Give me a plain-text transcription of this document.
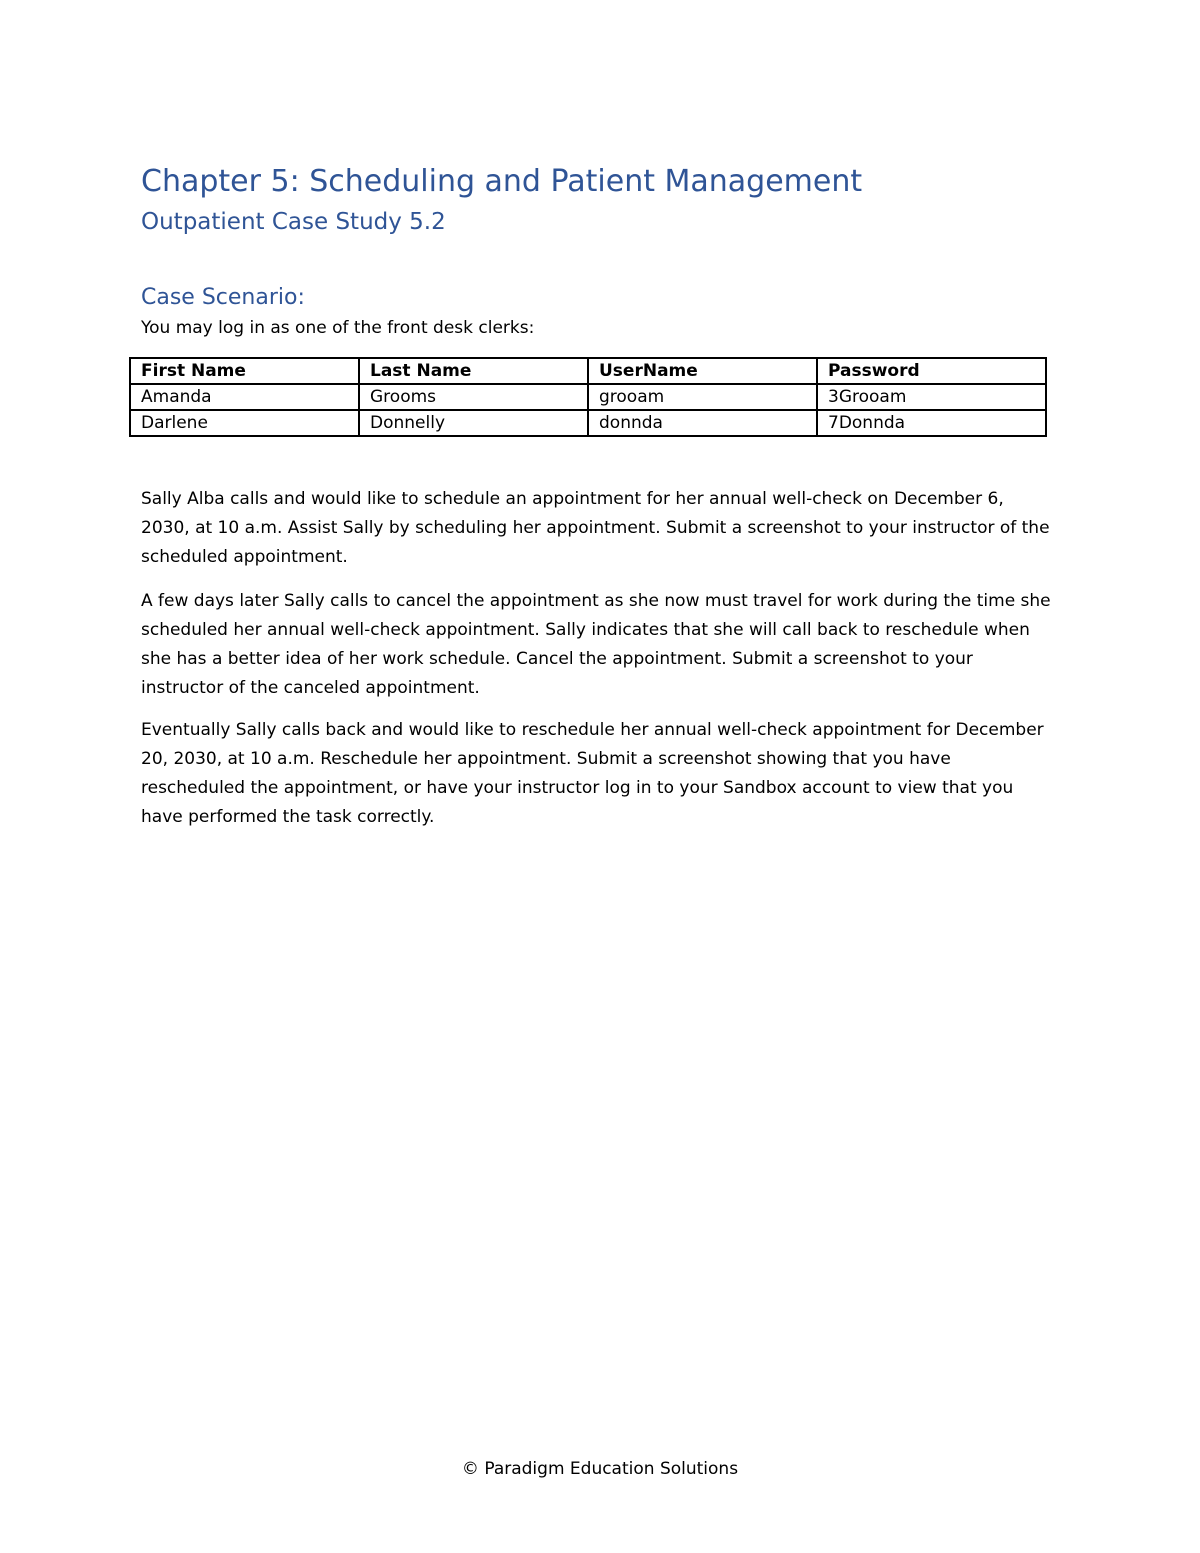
Chapter 5: Scheduling and Patient Management
Outpatient Case Study 5.2
Case Scenario:

You may log in as one of the front desk clerks:

First Name	Last Name	UserName	Password
Amanda	Grooms	grooam	3Grooam
Darlene	Donnelly	donnda	7Donnda

Sally Alba calls and would like to schedule an appointment for her annual well-check on December 6, 2030, at 10 a.m. Assist Sally by scheduling her appointment. Submit a screenshot to your instructor of the scheduled appointment.

A few days later Sally calls to cancel the appointment as she now must travel for work during the time she scheduled her annual well-check appointment. Sally indicates that she will call back to reschedule when she has a better idea of her work schedule. Cancel the appointment. Submit a screenshot to your instructor of the canceled appointment.

Eventually Sally calls back and would like to reschedule her annual well-check appointment for December 20, 2030, at 10 a.m. Reschedule her appointment. Submit a screenshot showing that you have rescheduled the appointment, or have your instructor log in to your Sandbox account to view that you have performed the task correctly.

© Paradigm Education Solutions
